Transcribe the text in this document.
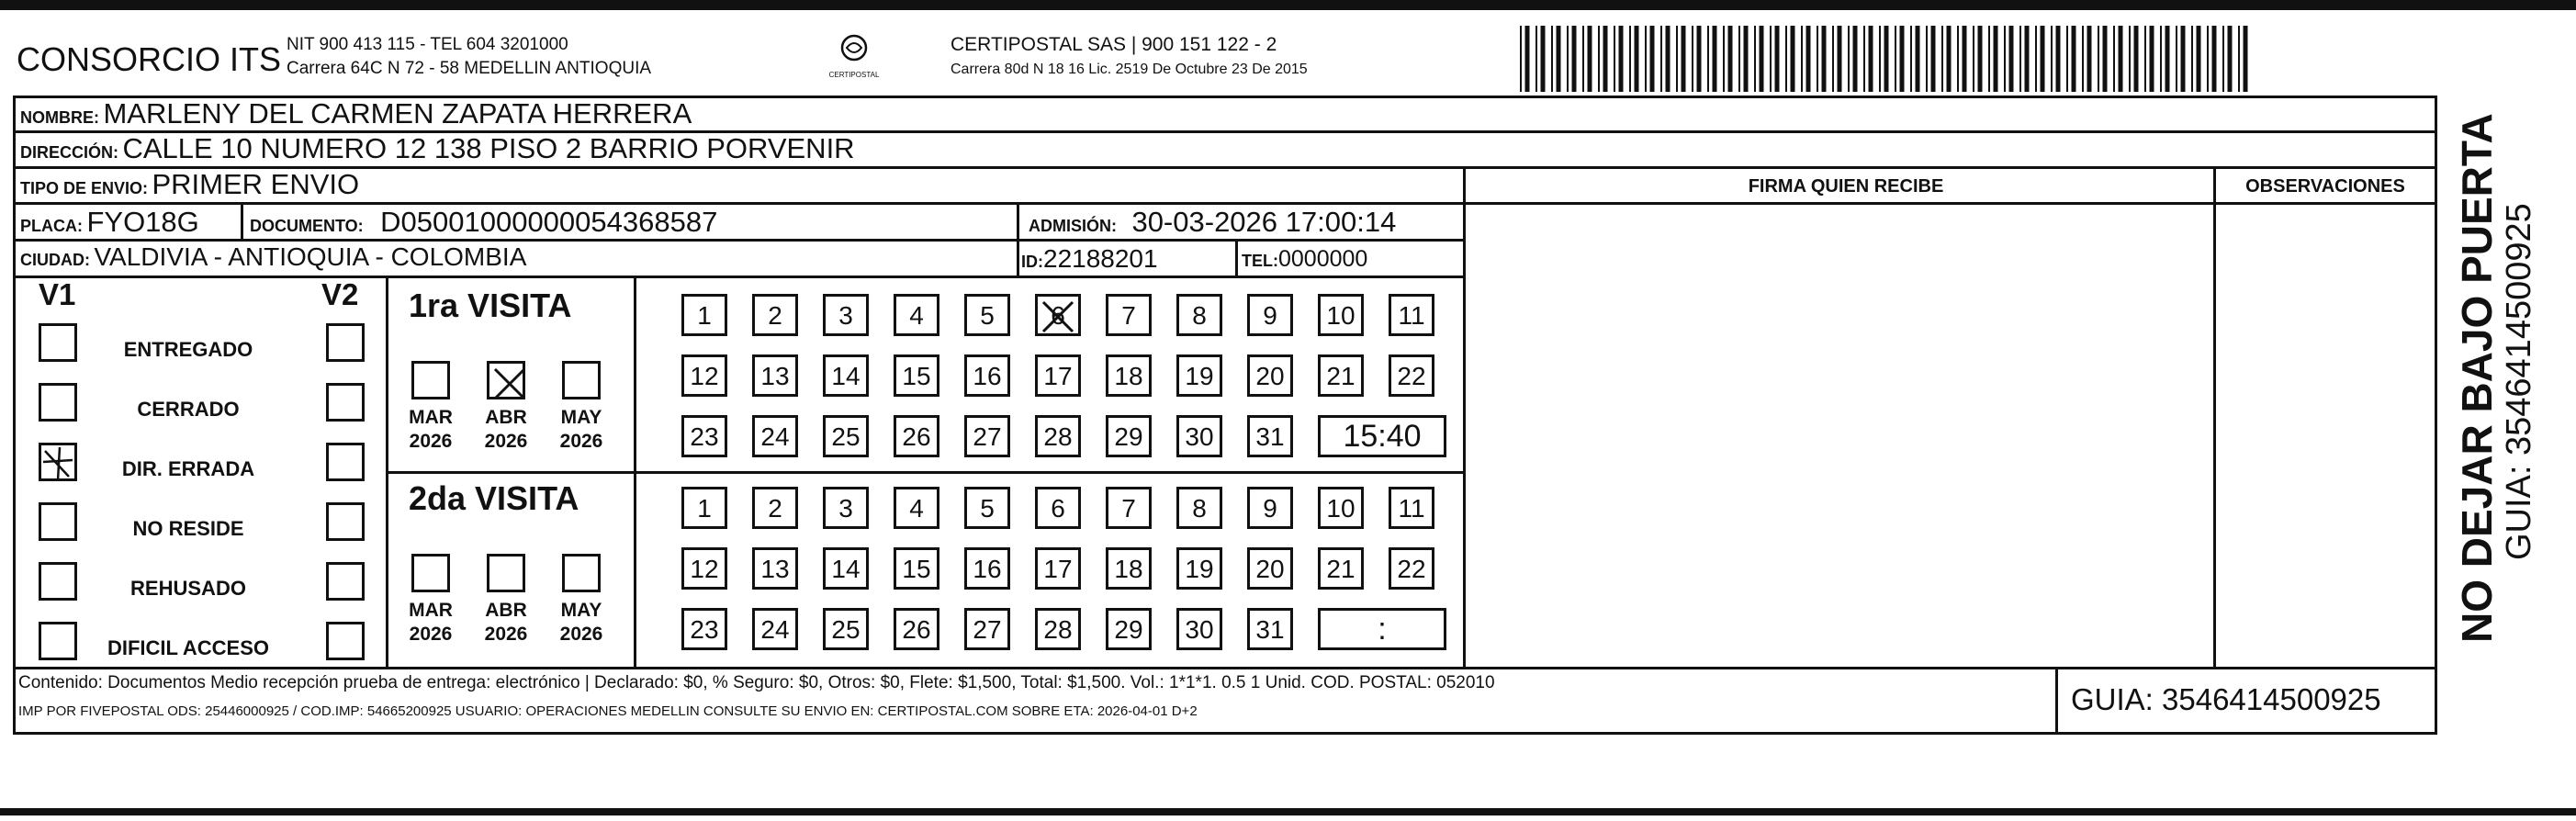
CONSORCIO ITS NIT 900 413 115 - TEL 604 3201000
Carrera 64C N 72 - 58 MEDELLIN ANTIOQUIA	CERTIPOSTAL
CERTIPOSTAL SAS | 900 151 122 - 2
Carrera 80d N 18 16 Lic. 2519 De Octubre 23 De 2015
NOMBRE: MARLENY DEL CARMEN ZAPATA HERRERA
DIRECCIÓN: CALLE 10 NUMERO 12 138 PISO 2 BARRIO PORVENIR
TIPO DE ENVIO: PRIMER ENVIO	FIRMA QUIEN RECIBE	OBSERVACIONES
PLACA: FYO18G	DOCUMENTO: D05001000000054368587	ADMISIÓN: 30-03-2026 17:00:14
CIUDAD: VALDIVIA - ANTIOQUIA - COLOMBIA	ID:22188201	TEL:0000000
V1	V2
ENTREGADO
CERRADO
DIR. ERRADA
NO RESIDE
REHUSADO
DIFICIL ACCESO
1ra VISITA
2da VISITA
MAR
2026
ABR
2026
MAY
2026
1	2	3	4	5	6	7	8	9	10	11
12	13	14	15	16	17	18	19	20	21	22
23	24	25	26	27	28	29	30	31	15:40
MAR
2026
ABR
2026
MAY
2026
1	2	3	4	5	6	7	8	9	10	11
12	13	14	15	16	17	18	19	20	21	22
23	24	25	26	27	28	29	30	31	:
Contenido: Documentos Medio recepción prueba de entrega: electrónico | Declarado: $0, % Seguro: $0, Otros: $0, Flete: $1,500, Total: $1,500. Vol.: 1*1*1. 0.5 1 Unid. COD. POSTAL: 052010
IMP POR FIVEPOSTAL ODS: 25446000925 / COD.IMP: 54665200925 USUARIO: OPERACIONES MEDELLIN CONSULTE SU ENVIO EN: CERTIPOSTAL.COM SOBRE ETA: 2026-04-01 D+2	GUIA: 3546414500925
NO DEJAR BAJO PUERTA GUIA: 3546414500925
